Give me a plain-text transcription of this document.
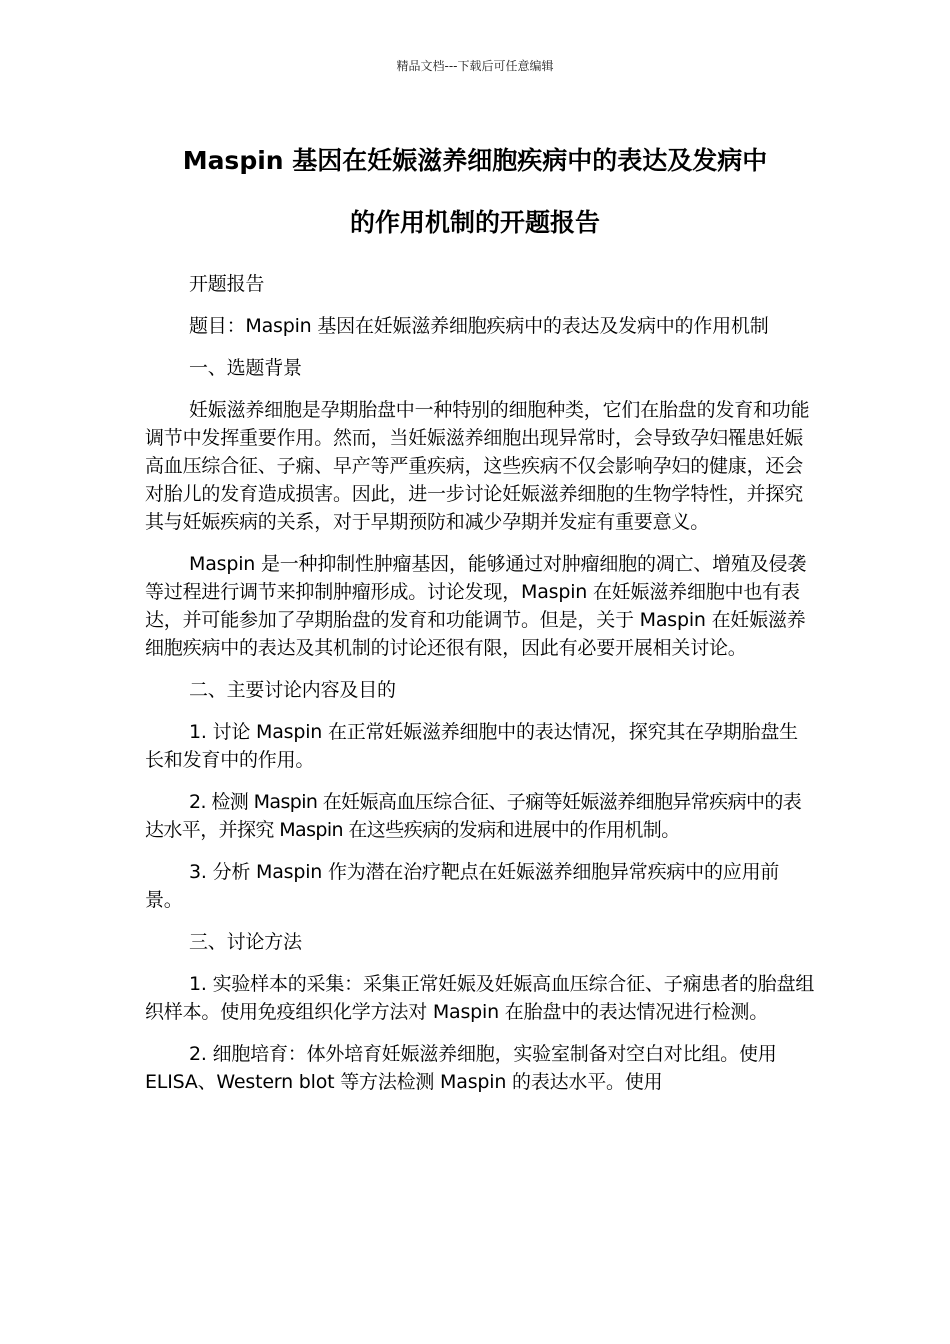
精品文档---下载后可任意编辑
Maspin 基因在妊娠滋养细胞疾病中的表达及发病中
的作用机制的开题报告

开题报告

题目：Maspin 基因在妊娠滋养细胞疾病中的表达及发病中的作用机制

一、选题背景

妊娠滋养细胞是孕期胎盘中一种特别的细胞种类，它们在胎盘的发育和功能调节中发挥重要作用。然而，当妊娠滋养细胞出现异常时，会导致孕妇罹患妊娠高血压综合征、子痫、早产等严重疾病，这些疾病不仅会影响孕妇的健康，还会对胎儿的发育造成损害。因此，进一步讨论妊娠滋养细胞的生物学特性，并探究其与妊娠疾病的关系，对于早期预防和减少孕期并发症有重要意义。

Maspin 是一种抑制性肿瘤基因，能够通过对肿瘤细胞的凋亡、增殖及侵袭等过程进行调节来抑制肿瘤形成。讨论发现，Maspin 在妊娠滋养细胞中也有表达，并可能参加了孕期胎盘的发育和功能调节。但是，关于 Maspin 在妊娠滋养细胞疾病中的表达及其机制的讨论还很有限，因此有必要开展相关讨论。

二、主要讨论内容及目的

1. 讨论 Maspin 在正常妊娠滋养细胞中的表达情况，探究其在孕期胎盘生长和发育中的作用。

2. 检测 Maspin 在妊娠高血压综合征、子痫等妊娠滋养细胞异常疾病中的表达水平，并探究 Maspin 在这些疾病的发病和进展中的作用机制。

3. 分析 Maspin 作为潜在治疗靶点在妊娠滋养细胞异常疾病中的应用前景。

三、讨论方法

1. 实验样本的采集：采集正常妊娠及妊娠高血压综合征、子痫患者的胎盘组织样本。使用免疫组织化学方法对 Maspin 在胎盘中的表达情况进行检测。

2. 细胞培育：体外培育妊娠滋养细胞，实验室制备对空白对比组。使用 ELISA、Western blot 等方法检测 Maspin 的表达水平。使用
